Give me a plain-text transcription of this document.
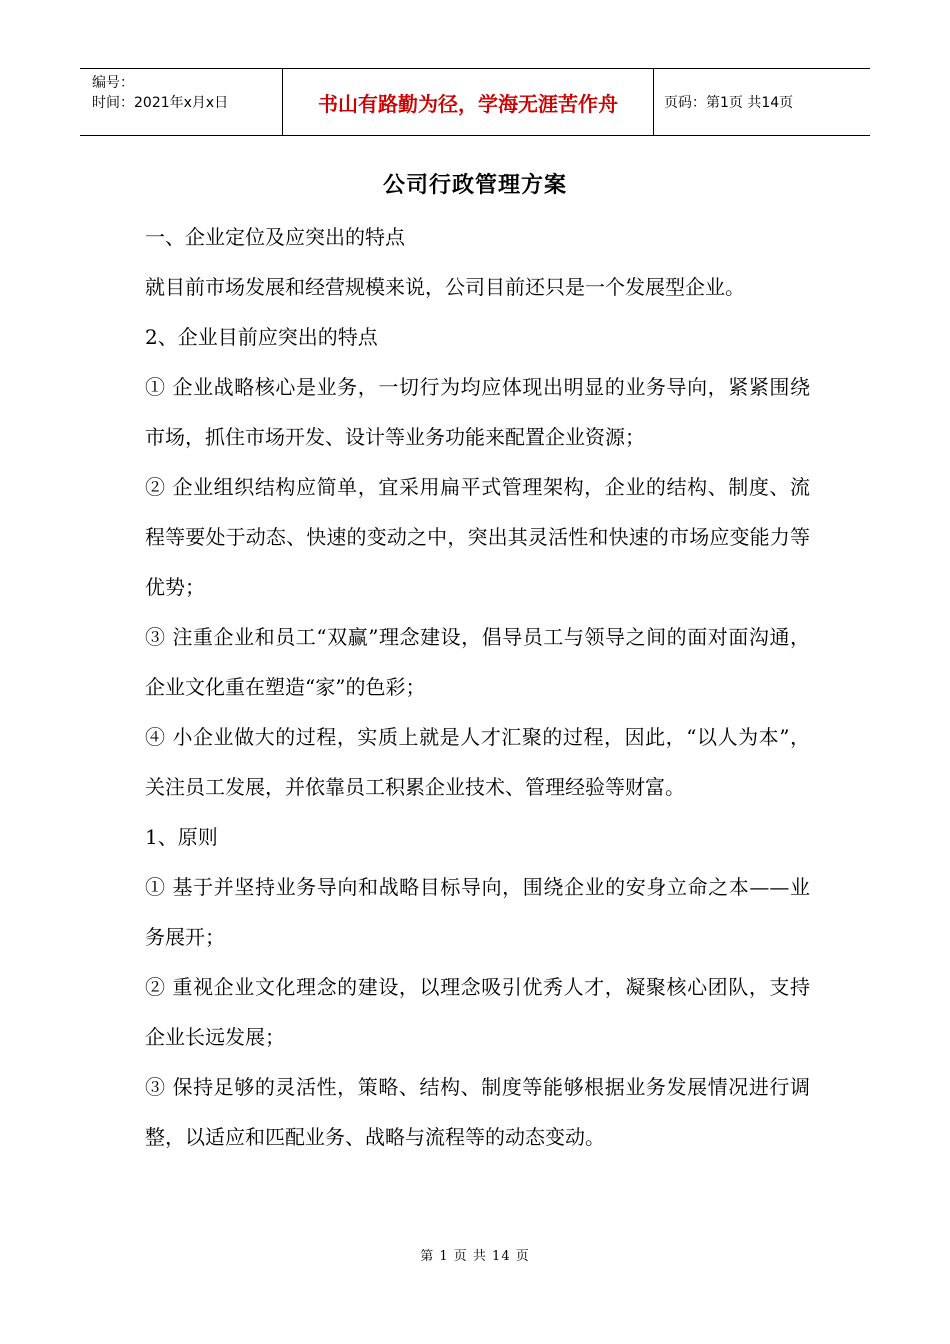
编号：
时间：2021年x月x日	书山有路勤为径，学海无涯苦作舟	页码：第1页 共14页
公司行政管理方案

一、企业定位及应突出的特点

就目前市场发展和经营规模来说，公司目前还只是一个发展型企业。

2、企业目前应突出的特点

① 企业战略核心是业务，一切行为均应体现出明显的业务导向，紧紧围绕市场，抓住市场开发、设计等业务功能来配置企业资源；

② 企业组织结构应简单，宜采用扁平式管理架构，企业的结构、制度、流程等要处于动态、快速的变动之中，突出其灵活性和快速的市场应变能力等优势；

③ 注重企业和员工“双赢”理念建设，倡导员工与领导之间的面对面沟通，企业文化重在塑造“家”的色彩；

④ 小企业做大的过程，实质上就是人才汇聚的过程，因此，“以人为本”，关注员工发展，并依靠员工积累企业技术、管理经验等财富。

1、原则

① 基于并坚持业务导向和战略目标导向，围绕企业的安身立命之本——业务展开；

② 重视企业文化理念的建设，以理念吸引优秀人才，凝聚核心团队，支持企业长远发展；

③ 保持足够的灵活性，策略、结构、制度等能够根据业务发展情况进行调整，以适应和匹配业务、战略与流程等的动态变动。

第 1 页 共 14 页
